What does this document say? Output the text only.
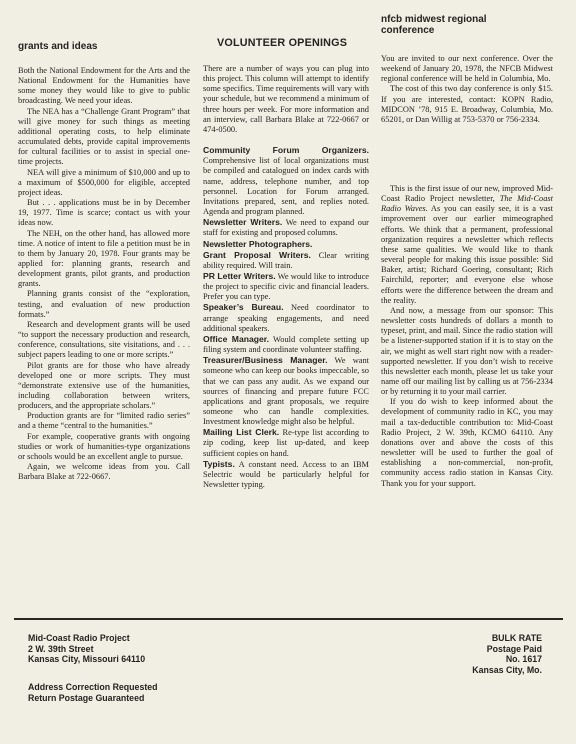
grants and ideas

Both the National Endowment for the Arts and the National Endowment for the Humanities have some money they would like to give to public broadcasting. We need your ideas.

The NEA has a “Challenge Grant Program” that will give money for such things as meeting additional operating costs, to help eliminate accumulated debts, provide capital improvements for cultural facilities or to assist in special one-time projects.

NEA will give a minimum of $10,000 and up to a maximum of $500,000 for eligible, accepted project ideas.

But . . . applications must be in by December 19, 1977. Time is scarce; contact us with your ideas now.

The NEH, on the other hand, has allowed more time. A notice of intent to file a petition must be in to them by January 20, 1978. Four grants may be applied for: planning grants, research and development grants, pilot grants, and production grants.

Planning grants consist of the “exploration, testing, and evaluation of new production formats.”

Research and development grants will be used “to support the necessary production and research, conference, consultations, site visitations, and . . . subject papers leading to one or more scripts.”

Pilot grants are for those who have already developed one or more scripts. They must “demonstrate extensive use of the humanities, including collaboration between writers, producers, and the appropriate scholars.”

Production grants are for “limited radio series” and a theme “central to the humanities.”

For example, cooperative grants with ongoing studies or work of humanities-type organizations or schools would be an excellent angle to pursue.

Again, we welcome ideas from you. Call Barbara Blake at 722-0667.

VOLUNTEER OPENINGS

There are a number of ways you can plug into this project. This column will attempt to identify some specifics. Time requirements will vary with your schedule, but we recommend a minimum of three hours per week. For more information and an interview, call Barbara Blake at 722-0667 or 474-0500.

Community Forum Organizers. Comprehensive list of local organizations must be compiled and catalogued on index cards with name, address, telephone number, and top personnel. Location for Forum arranged. Invitations prepared, sent, and replies noted. Agenda and program planned.

Newsletter Writers. We need to expand our staff for existing and proposed columns.

Newsletter Photographers.

Grant Proposal Writers. Clear writing ability required. Will train.

PR Letter Writers. We would like to introduce the project to specific civic and financial leaders. Prefer you can type.

Speaker’s Bureau. Need coordinator to arrange speaking engagements, and need additional speakers.

Office Manager. Would complete setting up filing system and coordinate volunteer staffing.

Treasurer/Business Manager. We want someone who can keep our books impeccable, so that we can pass any audit. As we expand our sources of financing and prepare future FCC applications and grant proposals, we require someone who can handle complexities. Investment knowledge might also be helpful.

Mailing List Clerk. Re-type list according to zip coding, keep list up-dated, and keep sufficient copies on hand.

Typists. A constant need. Access to an IBM Selectric would be particularly helpful for Newsletter typing.

nfcb midwest regional
conference

You are invited to our next conference. Over the weekend of January 20, 1978, the NFCB Midwest regional conference will be held in Columbia, Mo.

The cost of this two day conference is only $15. If you are interested, contact: KOPN Radio, MIDCON ’78, 915 E. Broadway, Columbia, Mo. 65201, or Dan Willig at 753-5370 or 756-2334.

This is the first issue of our new, improved Mid-Coast Radio Project newsletter, The Mid-Coast Radio Waves. As you can easily see, it is a vast improvement over our earlier mimeographed efforts. We think that a permanent, professional organization requires a newsletter which reflects these same qualities. We would like to thank several people for making this issue possible: Sid Baker, artist; Richard Goering, consultant; Rich Fairchild, reporter; and everyone else whose efforts were the difference between the dream and the reality.

And now, a message from our sponsor: This newsletter costs hundreds of dollars a month to typeset, print, and mail. Since the radio station will be a listener-supported station if it is to stay on the air, we might as well start right now with a reader-supported newsletter. If you don’t wish to receive this newsletter each month, please let us take your name off our mailing list by calling us at 756-2334 or by returning it to your mail carrier.

If you do wish to keep informed about the development of community radio in KC, you may mail a tax-deductible contribution to: Mid-Coast Radio Project, 2 W. 39th, KCMO 64110. Any donations over and above the costs of this newsletter will be used to further the goal of establishing a non-commercial, non-profit, community access radio station in Kansas City. Thank you for your support.

Mid-Coast Radio Project
2 W. 39th Street
Kansas City, Missouri 64110
Address Correction Requested
Return Postage Guaranteed
BULK RATE
Postage Paid
No. 1617
Kansas City, Mo.
